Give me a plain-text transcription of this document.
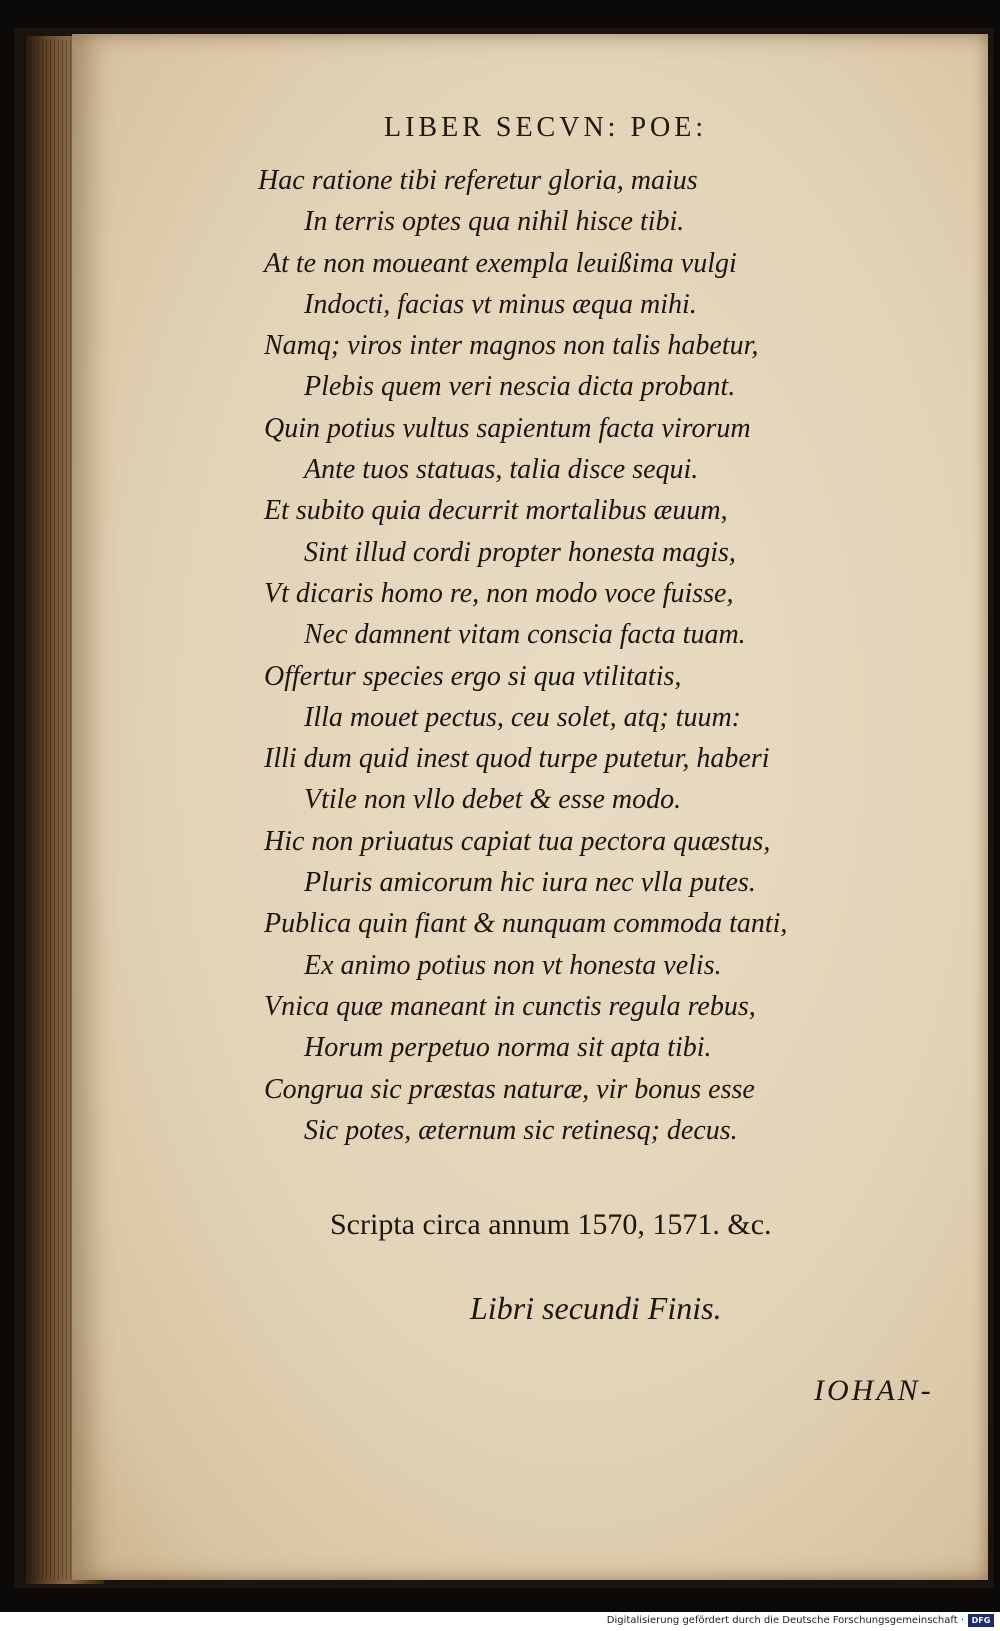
LIBER SECVN: POE:
Hac ratione tibi referetur gloria, maius
In terris optes qua nihil hisce tibi.
At te non moueant exempla leuißima vulgi
Indocti, facias vt minus æqua mihi.
Namq; viros inter magnos non talis habetur,
Plebis quem veri nescia dicta probant.
Quin potius vultus sapientum facta virorum
Ante tuos statuas, talia disce sequi.
Et subito quia decurrit mortalibus æuum,
Sint illud cordi propter honesta magis,
Vt dicaris homo re, non modo voce fuisse,
Nec damnent vitam conscia facta tuam.
Offertur species ergo si qua vtilitatis,
Illa mouet pectus, ceu solet, atq; tuum:
Illi dum quid inest quod turpe putetur, haberi
Vtile non vllo debet & esse modo.
Hic non priuatus capiat tua pectora quæstus,
Pluris amicorum hic iura nec vlla putes.
Publica quin fiant & nunquam commoda tanti,
Ex animo potius non vt honesta velis.
Vnica quæ maneant in cunctis regula rebus,
Horum perpetuo norma sit apta tibi.
Congrua sic præstas naturæ, vir bonus esse
Sic potes, æternum sic retinesq; decus.
Scripta circa annum 1570, 1571. &c.
Libri secundi Finis.
IOHAN-
Digitalisierung gefördert durch die Deutsche Forschungsgemeinschaft · DFG
